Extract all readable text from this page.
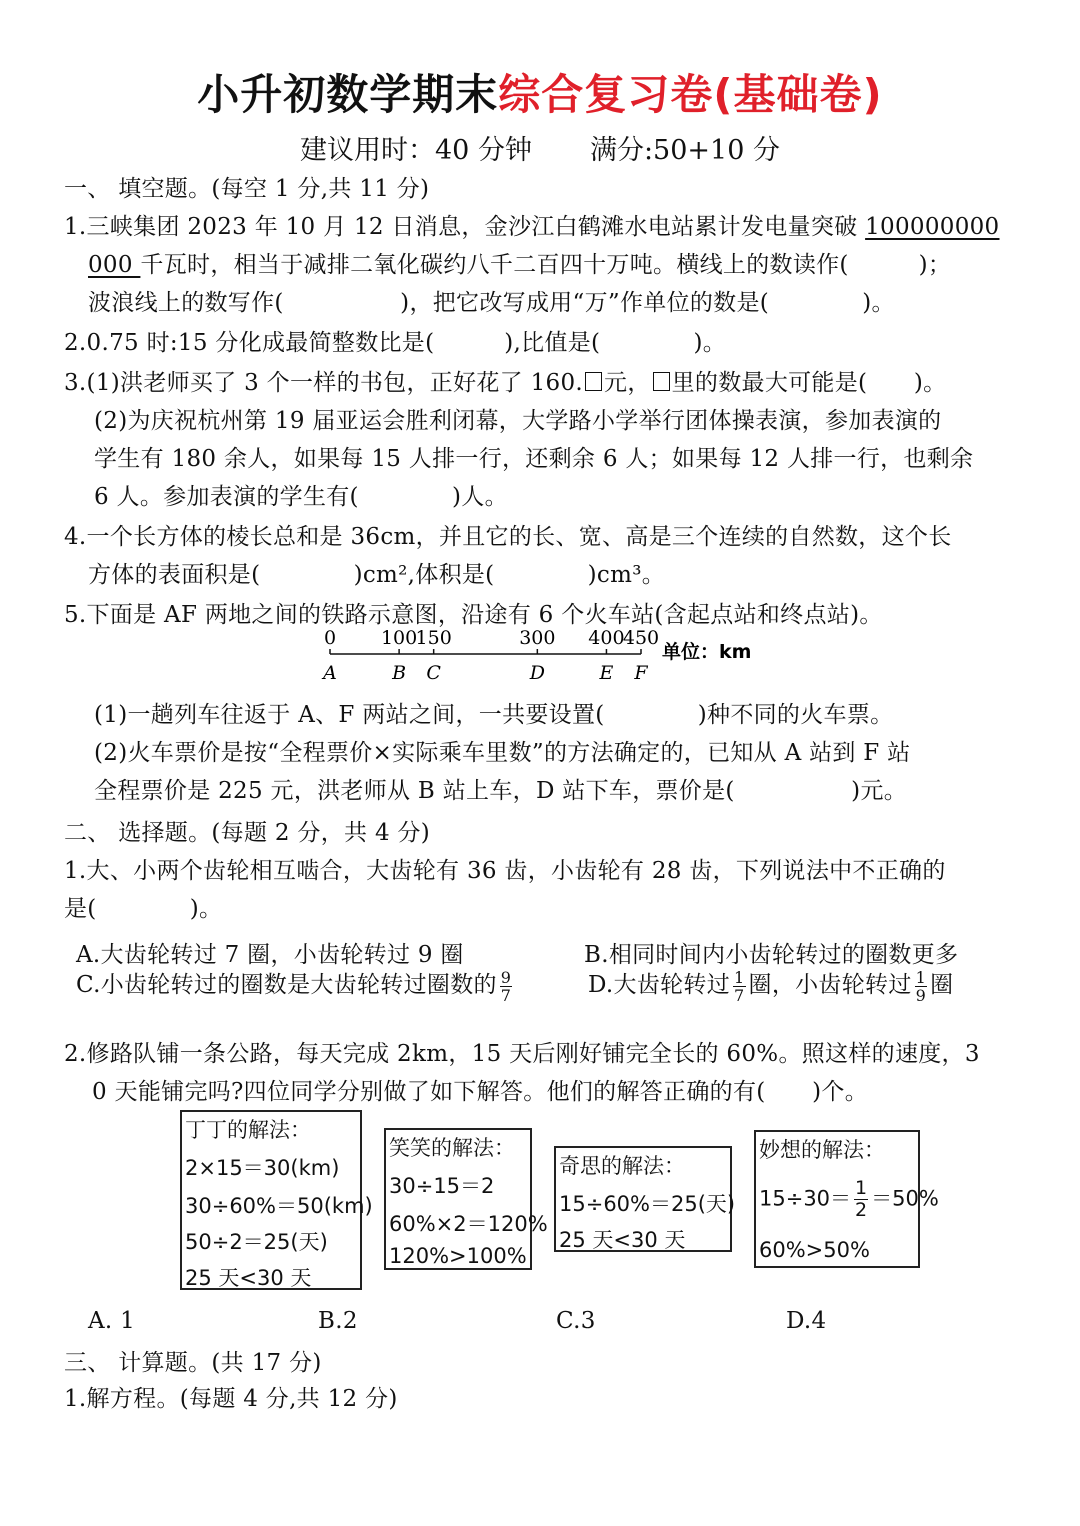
小升初数学期末综合复习卷(基础卷)
建议用时：40 分钟 满分:50+10 分
一、 填空题。(每空 1 分,共 11 分)
1.三峡集团 2023 年 10 月 12 日消息，金沙江白鹤滩水电站累计发电量突破 100000000
000 千瓦时，相当于减排二氧化碳约八千二百四十万吨。横线上的数读作(　　　)；
波浪线上的数写作(　　　　　)，把它改写成用“万”作单位的数是(　　　　)。
2.0.75 时:15 分化成最简整数比是(　　　),比值是(　　　　)。
3.(1)洪老师买了 3 个一样的书包，正好花了 160. 元， 里的数最大可能是(　　)。
(2)为庆祝杭州第 19 届亚运会胜利闭幕，大学路小学举行团体操表演，参加表演的
学生有 180 余人，如果每 15 人排一行，还剩余 6 人；如果每 12 人排一行，也剩余
6 人。参加表演的学生有(　　　　)人。
4.一个长方体的棱长总和是 36cm，并且它的长、宽、高是三个连续的自然数，这个长
方体的表面积是(　　　　)cm²,体积是(　　　　)cm³。
5.下面是 AF 两地之间的铁路示意图，沿途有 6 个火车站(含起点站和终点站)。
0
A
100
B
150
C
300
D
400
E
450
F
单位：km
(1)一趟列车往返于 A、F 两站之间，一共要设置(　　　　)种不同的火车票。
(2)火车票价是按“全程票价×实际乘车里数”的方法确定的，已知从 A 站到 F 站
全程票价是 225 元，洪老师从 B 站上车，D 站下车，票价是(　　　　　)元。
二、 选择题。(每题 2 分，共 4 分)
1.大、小两个齿轮相互啮合，大齿轮有 36 齿，小齿轮有 28 齿，下列说法中不正确的
是(　　　　)。
A.大齿轮转过 7 圈，小齿轮转过 9 圈	B.相同时间内小齿轮转过的圈数更多
C.小齿轮转过的圈数是大齿轮转过圈数的 $\frac{9}{7}$	D.大齿轮转过 $\frac{1}{7}$ 圈，小齿轮转过 $\frac{1}{9}$ 圈
2.修路队铺一条公路，每天完成 2km，15 天后刚好铺完全长的 60%。照这样的速度，3
0 天能铺完吗?四位同学分别做了如下解答。他们的解答正确的有(　　)个。
丁丁的解法：
2×15＝30(km)
30÷60%＝50(km)
50÷2＝25(天)
25 天<30 天
笑笑的解法：
30÷15＝2
60%×2＝120%
120%>100%
奇思的解法：
15÷60%＝25(天)
25 天<30 天
妙想的解法：
$15\div 30= \frac{1}{2} =50\%$
60%>50%
A. 1	B.2	C.3	D.4
三、 计算题。(共 17 分)
1.解方程。(每题 4 分,共 12 分)
